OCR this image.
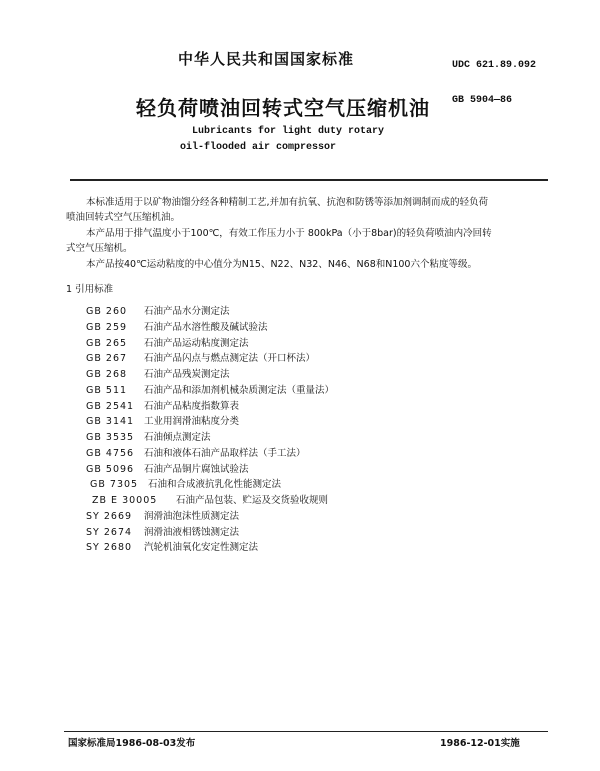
中华人民共和国国家标准	UDC 621.89.092
轻负荷喷油回转式空气压缩机油 GB 5904—86
Lubricants for light duty rotary
oil-flooded air compressor
本标准适用于以矿物油馏分经各种精制工艺,并加有抗氧、抗泡和防锈等添加剂调制而成的轻负荷
喷油回转式空气压缩机油。
本产品用于排气温度小于100℃，有效工作压力小于 800kPa（小于8bar)的轻负荷喷油内冷回转
式空气压缩机。
本产品按40℃运动粘度的中心值分为N15、N22、N32、N46、N68和N100六个粘度等级。
1 引用标准
GB 260 石油产品水分测定法
GB 259 石油产品水溶性酸及碱试验法
GB 265 石油产品运动粘度测定法
GB 267 石油产品闪点与燃点测定法（开口杯法）
GB 268 石油产品残炭测定法
GB 511 石油产品和添加剂机械杂质测定法（重量法）
GB 2541 石油产品粘度指数算表
GB 3141 工业用润滑油粘度分类
GB 3535 石油倾点测定法
GB 4756 石油和液体石油产品取样法（手工法）
GB 5096 石油产品铜片腐蚀试验法
GB 7305 石油和合成液抗乳化性能测定法
ZB E 30005 石油产品包装、贮运及交货验收规则
SY 2669 润滑油泡沫性质测定法
SY 2674 润滑油液相锈蚀测定法
SY 2680 汽轮机油氧化安定性测定法
国家标准局1986-08-03发布	1986-12-01实施
